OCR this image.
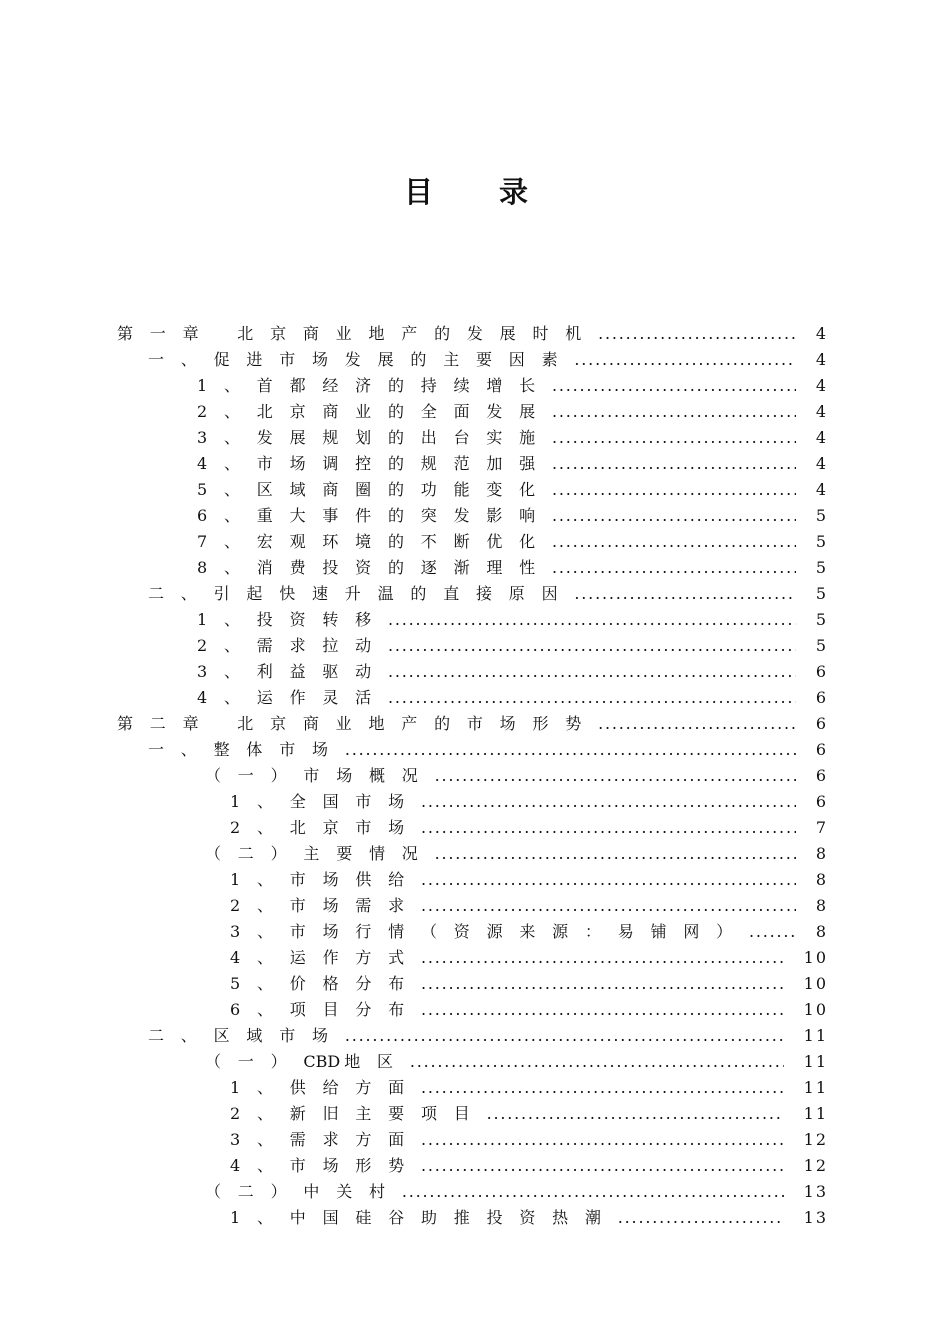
目录
第一章 北京商业地产的发展时机 .....	4
一、促进市场发展的主要因素 .....	4
1、首都经济的持续增长 .....	4
2、北京商业的全面发展 .....	4
3、发展规划的出台实施 .....	4
4、市场调控的规范加强 .....	4
5、区域商圈的功能变化 .....	4
6、重大事件的突发影响 .....	5
7、宏观环境的不断优化 .....	5
8、消费投资的逐渐理性 .....	5
二、引起快速升温的直接原因 .....	5
1、投资转移 .....	5
2、需求拉动 .....	5
3、利益驱动 .....	6
4、运作灵活 .....	6
第二章 北京商业地产的市场形势 .....	6
一、整体市场 .....	6
（一）市场概况 .....	6
1、全国市场 .....	6
2、北京市场 .....	7
（二）主要情况 .....	8
1、市场供给 .....	8
2、市场需求 .....	8
3、市场行情（资源来源：易铺网） .....	8
4、运作方式 .....	10
5、价格分布 .....	10
6、项目分布 .....	10
二、区域市场 .....	11
（一）CBD 地区 .....	11
1、供给方面 .....	11
2、新旧主要项目 .....	11
3、需求方面 .....	12
4、市场形势 .....	12
（二）中关村 .....	13
1、中国硅谷助推投资热潮 .....	13
